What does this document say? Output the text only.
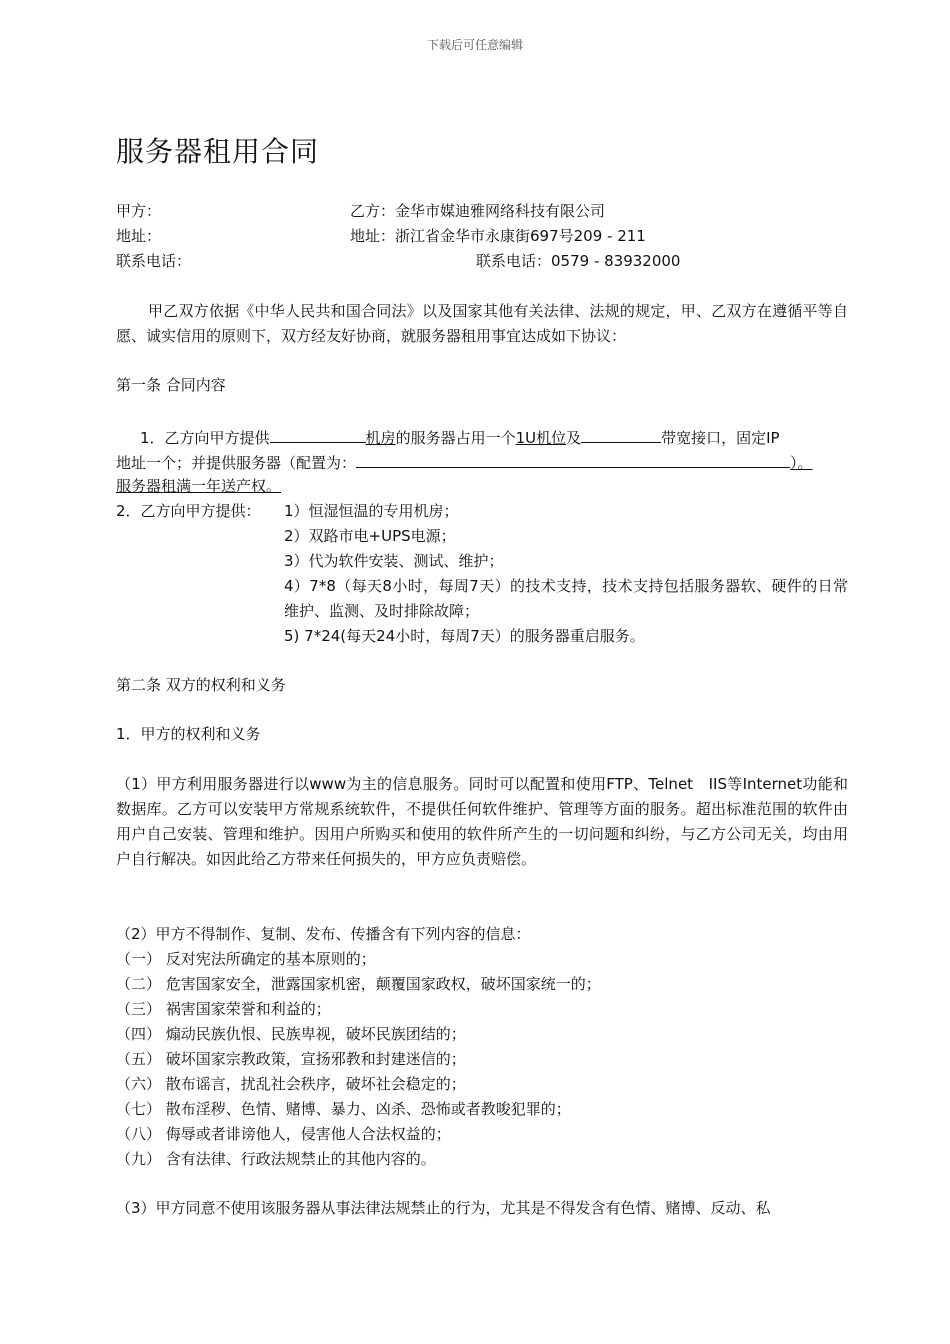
下载后可任意编辑
服务器租用合同
甲方：	乙方：金华市媒迪雅网络科技有限公司
地址：	地址：浙江省金华市永康街697号209 - 211
联系电话：	联系电话：0579 - 83932000
甲乙双方依据《中华人民共和国合同法》以及国家其他有关法律、法规的规定，甲、乙双方在遵循平等自愿、诚实信用的原则下，双方经友好协商，就服务器租用事宜达成如下协议：
第一条 合同内容
1．乙方向甲方提供	机房的服务器占用一个1U机位及	带宽接口，固定IP
地址一个；并提供服务器（配置为：	）。
服务器租满一年送产权。
2．乙方向甲方提供： 1）恒湿恒温的专用机房；
2）双路市电+UPS电源；
3）代为软件安装、测试、维护；
4）7*8（每天8小时，每周7天）的技术支持，技术支持包括服务器软、硬件的日常维护、监测、及时排除故障；
5) 7*24(每天24小时，每周7天）的服务器重启服务。
第二条 双方的权利和义务
1．甲方的权利和义务
（1）甲方利用服务器进行以www为主的信息服务。同时可以配置和使用FTP、Telnet　IIS等Internet功能和数据库。乙方可以安装甲方常规系统软件，不提供任何软件维护、管理等方面的服务。超出标准范围的软件由用户自己安装、管理和维护。因用户所购买和使用的软件所产生的一切问题和纠纷，与乙方公司无关，均由用户自行解决。如因此给乙方带来任何损失的，甲方应负责赔偿。
（2）甲方不得制作、复制、发布、传播含有下列内容的信息：
（一） 反对宪法所确定的基本原则的；
（二） 危害国家安全，泄露国家机密，颠覆国家政权，破坏国家统一的；
（三） 祸害国家荣誉和利益的；
（四） 煽动民族仇恨、民族卑视，破坏民族团结的；
（五） 破坏国家宗教政策，宣扬邪教和封建迷信的；
（六） 散布谣言，扰乱社会秩序，破坏社会稳定的；
（七） 散布淫秽、色情、赌博、暴力、凶杀、恐怖或者教唆犯罪的；
（八） 侮辱或者诽谤他人，侵害他人合法权益的；
（九） 含有法律、行政法规禁止的其他内容的。
（3）甲方同意不使用该服务器从事法律法规禁止的行为，尤其是不得发含有色情、赌博、反动、私
